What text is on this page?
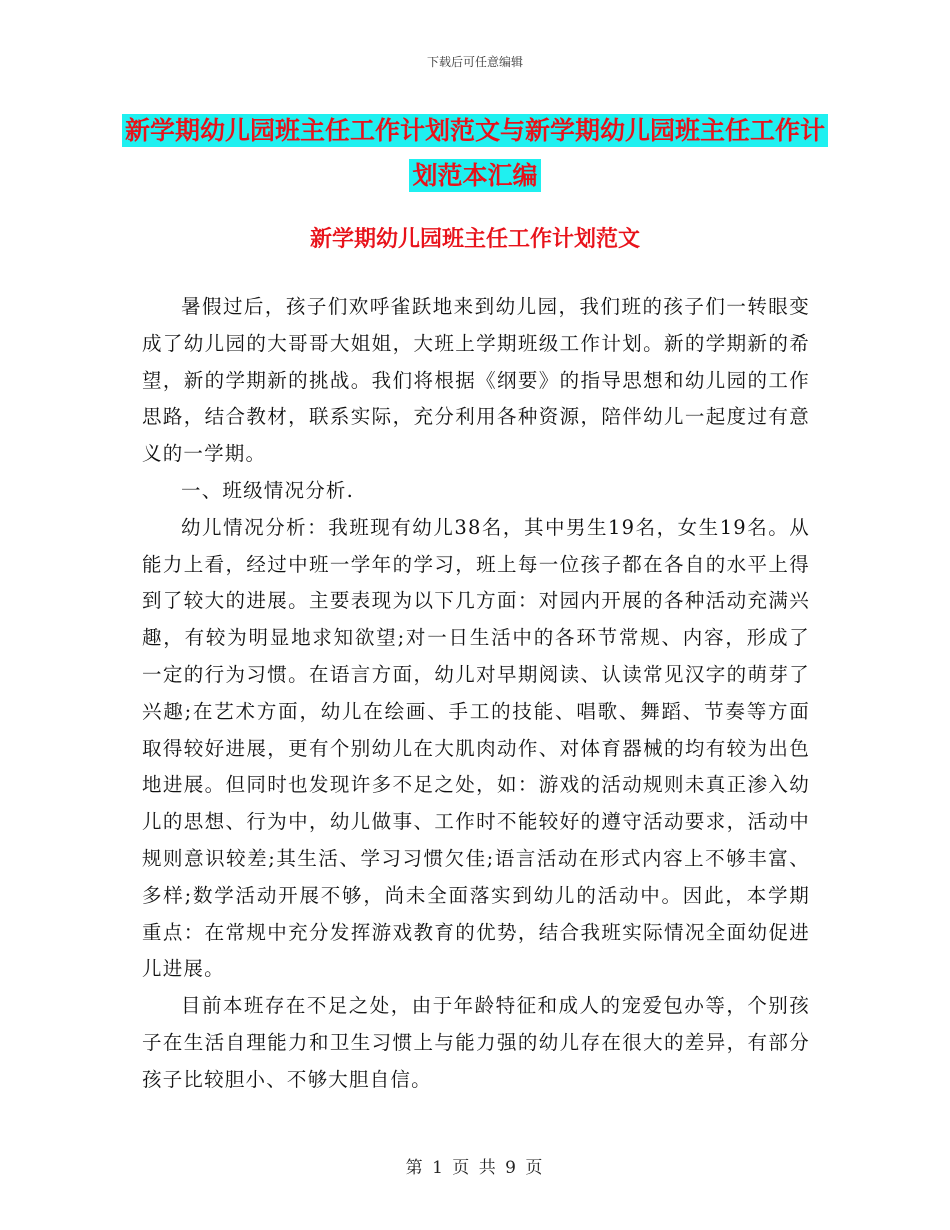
下载后可任意编辑
新学期幼儿园班主任工作计划范文与新学期幼儿园班主任工作计划范本汇编
新学期幼儿园班主任工作计划范文

暑假过后，孩子们欢呼雀跃地来到幼儿园，我们班的孩子们一转眼变成了幼儿园的大哥哥大姐姐，大班上学期班级工作计划。新的学期新的希望，新的学期新的挑战。我们将根据《纲要》的指导思想和幼儿园的工作思路，结合教材，联系实际，充分利用各种资源，陪伴幼儿一起度过有意义的一学期。

一、班级情况分析.

幼儿情况分析：我班现有幼儿38名，其中男生19名，女生19名。从能力上看，经过中班一学年的学习，班上每一位孩子都在各自的水平上得到了较大的进展。主要表现为以下几方面：对园内开展的各种活动充满兴趣，有较为明显地求知欲望;对一日生活中的各环节常规、内容，形成了一定的行为习惯。在语言方面，幼儿对早期阅读、认读常见汉字的萌芽了兴趣;在艺术方面，幼儿在绘画、手工的技能、唱歌、舞蹈、节奏等方面取得较好进展，更有个别幼儿在大肌肉动作、对体育器械的均有较为出色地进展。但同时也发现许多不足之处，如：游戏的活动规则未真正渗入幼儿的思想、行为中，幼儿做事、工作时不能较好的遵守活动要求，活动中规则意识较差;其生活、学习习惯欠佳;语言活动在形式内容上不够丰富、多样;数学活动开展不够，尚未全面落实到幼儿的活动中。因此，本学期重点：在常规中充分发挥游戏教育的优势，结合我班实际情况全面幼促进儿进展。

目前本班存在不足之处，由于年龄特征和成人的宠爱包办等，个别孩子在生活自理能力和卫生习惯上与能力强的幼儿存在很大的差异，有部分孩子比较胆小、不够大胆自信。

第 1 页 共 9 页
